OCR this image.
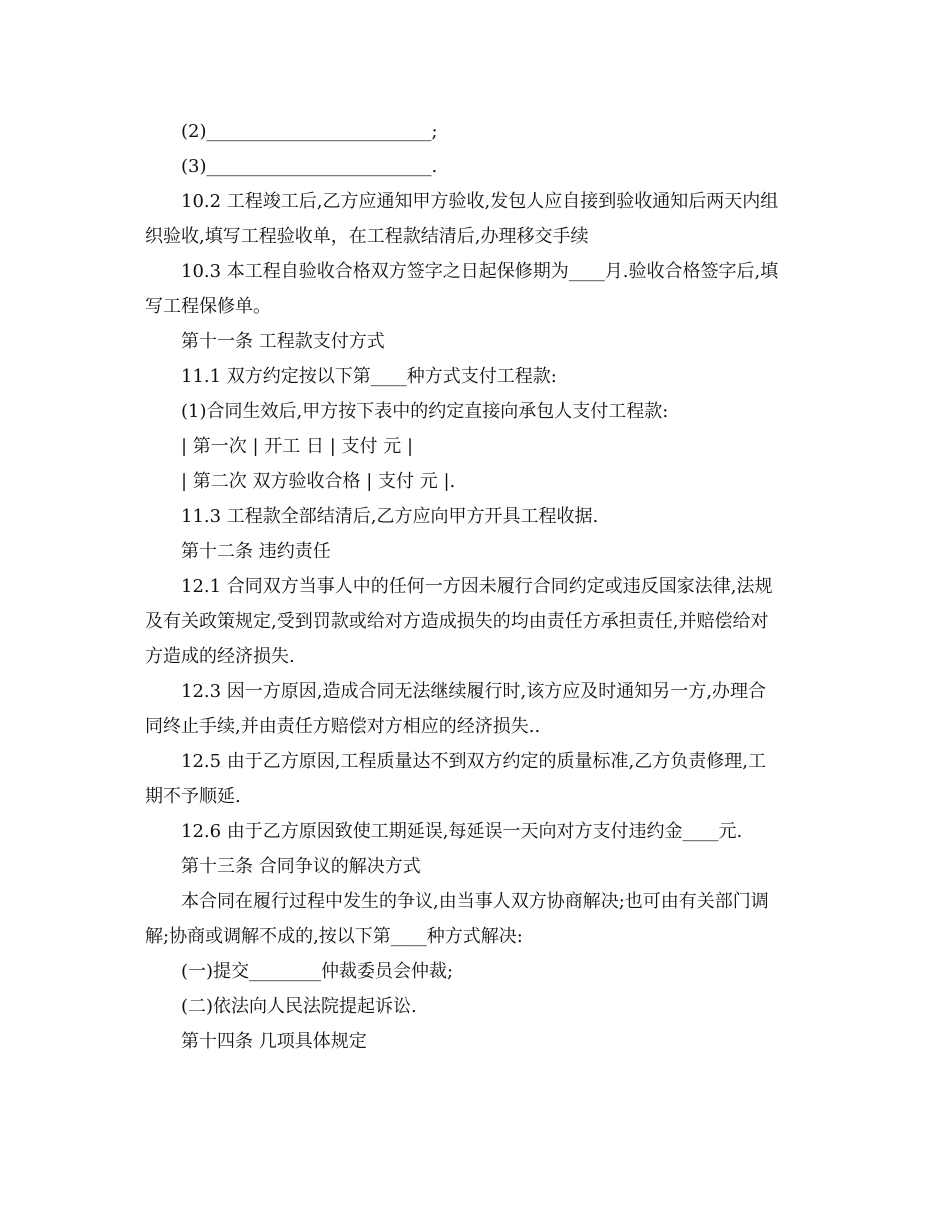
(2)_________________________;
(3)_________________________.
10.2 工程竣工后,乙方应通知甲方验收,发包人应自接到验收通知后两天内组
织验收,填写工程验收单，在工程款结清后,办理移交手续
10.3 本工程自验收合格双方签字之日起保修期为____月.验收合格签字后,填
写工程保修单。
第十一条 工程款支付方式
11.1 双方约定按以下第____种方式支付工程款:
(1)合同生效后,甲方按下表中的约定直接向承包人支付工程款:
| 第一次 | 开工 日 | 支付 元 |
| 第二次 双方验收合格 | 支付 元 |.
11.3 工程款全部结清后,乙方应向甲方开具工程收据.
第十二条 违约责任
12.1 合同双方当事人中的任何一方因未履行合同约定或违反国家法律,法规
及有关政策规定,受到罚款或给对方造成损失的均由责任方承担责任,并赔偿给对
方造成的经济损失.
12.3 因一方原因,造成合同无法继续履行时,该方应及时通知另一方,办理合
同终止手续,并由责任方赔偿对方相应的经济损失..
12.5 由于乙方原因,工程质量达不到双方约定的质量标准,乙方负责修理,工
期不予顺延.
12.6 由于乙方原因致使工期延误,每延误一天向对方支付违约金____元.
第十三条 合同争议的解决方式
本合同在履行过程中发生的争议,由当事人双方协商解决;也可由有关部门调
解;协商或调解不成的,按以下第____种方式解决:
(一)提交________仲裁委员会仲裁;
(二)依法向人民法院提起诉讼.
第十四条 几项具体规定
